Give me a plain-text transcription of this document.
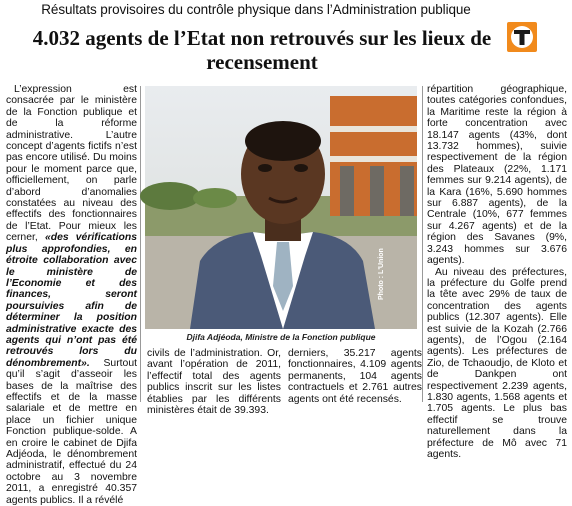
Résultats provisoires du contrôle physique dans l’Administration publique
4.032 agents de l’Etat non retrouvés sur les lieux de recensement

L’expression est consacrée par le ministère de la Fonction publique et de la réforme administrative. L’autre concept d’agents fictifs n’est pas encore utilisé. Du moins pour le moment parce que, officiellement, on parle d’abord d’anomalies constatées au niveau des effectifs des fonctionnaires de l’Etat. Pour mieux les cerner, «des vérifications plus approfondies, en étroite collaboration avec le ministère de l’Economie et des finances, seront poursuivies afin de déterminer la position administrative exacte des agents qui n’ont pas été retrouvés lors du dénombrement». Surtout qu’il s’agit d’asseoir les bases de la maîtrise des effectifs et de la masse salariale et de mettre en place un fichier unique Fonction publique-solde. A en croire le cabinet de Djifa Adjéoda, le dénombrement administratif, effectué du 24 octobre au 3 novembre 2011, a enregistré 40.357 agents publics. Il a révélé

Photo : L'Union
Djifa Adjéoda, Ministre de la Fonction publique
civils de l’administration. Or, avant l’opération de 2011, l’effectif total des agents publics inscrit sur les listes établies par les différents ministères était de 39.393.
derniers, 35.217 agents fonctionnaires, 4.109 agents permanents, 104 agents contractuels et 2.761 autres agents ont été recensés.

répartition géographique, toutes catégories confondues, la Maritime reste la région à forte concentration avec 18.147 agents (43%, dont 13.732 hommes), suivie respectivement de la région des Plateaux (22%, 1.171 femmes sur 9.214 agents), de la Kara (16%, 5.690 hommes sur 6.887 agents), de la Centrale (10%, 677 femmes sur 4.267 agents) et de la région des Savanes (9%, 3.243 hommes sur 3.676 agents).

Au niveau des préfectures, la préfecture du Golfe prend la tête avec 29% de taux de concentration des agents publics (12.307 agents). Elle est suivie de la Kozah (2.766 agents), de l’Ogou (2.164 agents). Les préfectures de Zio, de Tchaoudjo, de Kloto et de Dankpen ont respectivement 2.239 agents, 1.830 agents, 1.568 agents et 1.705 agents. Le plus bas effectif se trouve naturellement dans la préfecture de Mô avec 71 agents.
